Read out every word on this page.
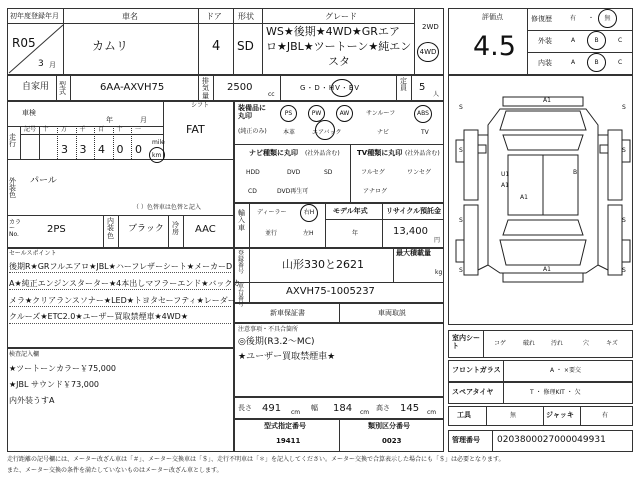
初年度登録年月
R05
3 月
車名
カムリ
ドア
4
形状
SD
グレード
WS★後期★4WD★GRエア
ロ★JBL★ツートーン★純エン
スタ
2WD
4WD
自家用 型式	6AA-AXVH75
排気量
2500
cc
G・D・HV・EV
定員 5
人
車検
年	月
シフト
FAT
走行
記号 十 万 千 百 十 一
3 3 4 0 0 km
mile
外装色
パール
（ ）色替車は色替と記入
カラー No.	2PS
内装色
ブラック 冷房 AAC
装備品に丸印
(純正のみ)
PS	PW	AW	サンルーフ	ABS
本革	エアバック	ナビ	TV
ナビ種類に丸印 (社外品含む)
HDD	DVD	SD
CD	DVD再生可
TV種類に丸印 (社外品含む)
フルセグ	ワンセグ
アナログ
輸入車
ディーラー	右H
並行	左H
モデル年式
年
リサイクル預託金
13,400
円
セールスポイント
後期R★GRフルエアロ★JBL★ハーフレザーシート★メーカーD
A★純正エンジンスターター★4本出しマフラーエンド★バックカ
メラ★クリアランスソナー★LED★トヨタセーフティ★レーダー
クルーズ★ETC2.0★ユーザー買取禁煙車★4WD★
検査記入欄
★ツートーンカラー￥75,000
★JBL サウンド￥73,000
内外装うすA
登録番号
山形330と2621
最大積載量
kg
車台番号
AXVH75-1005237
新車保証書	車両取説
注意事項・不具合箇所
◎後期(R3.2〜MC)
★ユーザー買取禁煙車★
長さ 491 cm
幅 184 cm
高さ 145 cm
型式指定番号
19411
類別区分番号
0023
評価点
4.5
修復歴	有 ・ 無
外装	A	B	C
内装	A	B	C
A1
A1
U1
A1
B
A1
S
S
S
S
S
S
S
S
室内シート	コゲ	破れ	汚れ	穴	キズ
フロントガラス	A ・ ×要交
スペアタイヤ	T ・ 修理KIT ・ 欠
工具	無	ジャッキ	有
管理番号 0203800027000049931
走行距離の記号欄には、メーター改ざん車は「＃」、メーター交換車は「＄」、走行不明車は「＊」を記入してください。メーター交換で合算表示した場合にも「＄」は必要となります。
また、メーター交換の条件を満たしていないものはメーター改ざん車とします。
